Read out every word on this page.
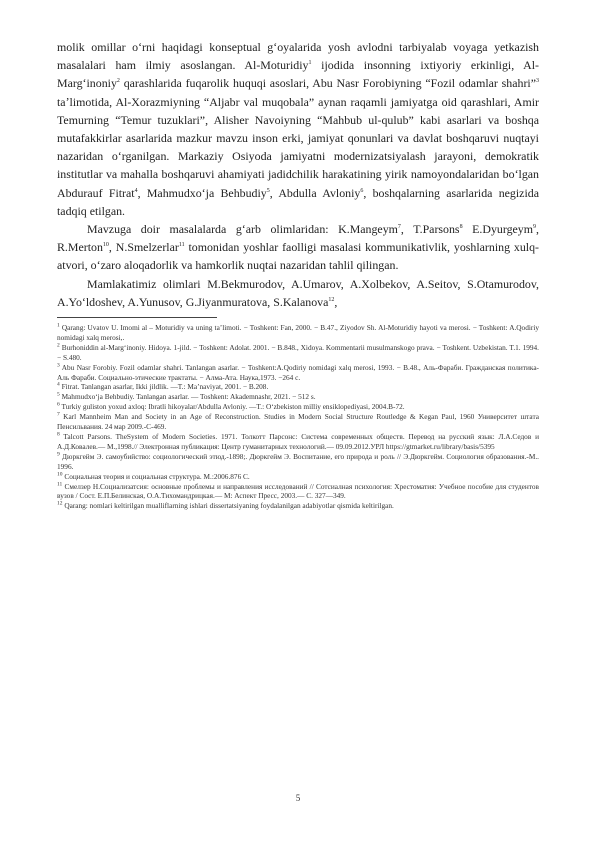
molik omillar oʻrni haqidagi konseptual gʻoyalarida yosh avlodni tarbiyalab voyaga yetkazish masalalari ham ilmiy asoslangan. Al-Moturidiy$^1$ ijodida insonning ixtiyoriy erkinligi, Al-Margʻinoniy$^2$ qarashlarida fuqarolik huquqi asoslari, Abu Nasr Forobiyning “Fozil odamlar shahri”$^3$ taʼlimotida, Al-Xorazmiyning “Aljabr val muqobala” aynan raqamli jamiyatga oid qarashlari, Amir Temurning “Temur tuzuklari”, Alisher Navoiyning “Mahbub ul-qulub” kabi asarlari va boshqa mutafakkirlar asarlarida mazkur mavzu inson erki, jamiyat qonunlari va davlat boshqaruvi nuqtayi nazaridan oʻrganilgan. Markaziy Osiyoda jamiyatni modernizatsiyalash jarayoni, demokratik institutlar va mahalla boshqaruvi ahamiyati jadidchilik harakatining yirik namoyondalaridan boʻlgan Abdurauf Fitrat$^4$, Mahmudxoʻja Behbudiy$^5$, Abdulla Avloniy$^6$, boshqalarning asarlarida negizida tadqiq etilgan.

Mavzuga doir masalalarda gʻarb olimlaridan: K.Mangeym$^7$, T.Parsons$^8$ E.Dyurgeym$^9$, R.Merton$^{10}$, N.Smelzerlar$^{11}$ tomonidan yoshlar faolligi masalasi kommunikativlik, yoshlarning xulq-atvori, oʻzaro aloqadorlik va hamkorlik nuqtai nazaridan tahlil qilingan.

Mamlakatimiz olimlari M.Bekmurodov, A.Umarov, A.Xolbekov, A.Seitov, S.Otamurodov, A.Yoʻldoshev, A.Yunusov, G.Jiyanmuratova, S.Kalanova$^{12}$,

$^1$ Qarang: Uvatov U. Imomi al – Moturidiy va uning taʼlimoti. − Toshkent: Fan, 2000. − B.47., Ziyodov Sh. Al-Moturidiy hayoti va merosi. − Toshkent: A.Qodiriy nomidagi xalq merosi,.
$^2$ Burhoniddin al-Margʻinoniy. Hidoya. 1-jild. − Toshkent: Adolat. 2001. − B.848., Xidoya. Kommentarii musulmanskogo prava. − Toshkent. Uzbekistan. T.1. 1994. − S.480.
$^3$ Abu Nasr Forobiy. Fozil odamlar shahri. Tanlangan asarlar. − Toshkent:A.Qodiriy nomidagi xalq merosi, 1993. − B.48., Аль-Фараби. Гражданская политика- Аль Фараби. Социально-этические трактаты. − Алма-Ата. Наука,1973. −264 с.
$^4$ Fitrat. Tanlangan asarlar, Ikki jildlik. —T.: Maʼnaviyat, 2001. − B.208.
$^5$ Mahmudxoʻja Behbudiy. Tanlangan asarlar. — Toshkent: Akademnashr, 2021. − 512 s.
$^6$ Turkiy guliston yoxud axloq: Ibratli hikoyalar/Abdulla Avloniy. —T.: Oʻzbekiston milliy ensiklopediyasi, 2004.B-72.
$^7$ Karl Mannheim Man and Society in an Age of Reconstruction. Studies in Modern Social Structure Routledge & Kegan Paul, 1960 Университет штата Пенсильвания. 24 мар 2009.-С-469.
$^8$ Talcott Parsons. TheSystem of Modern Societies. 1971. Толкотт Парсонс: Система современных обществ. Перевод на русский язык: Л.А.Седов и А.Д.Ковалев.— М.,1998.// Электронная публикация: Центр гуманитарных технологий.— 09.09.2012.УРЛ https://gtmarket.ru/library/basis/5395
$^9$ Дюркгейм Э. самоубийство: социологический этюд.-1898;. Дюркгейм Э. Воспитание, его природа и роль // Э.Дюркгейм. Социология образования.-М.. 1996.
$^{10}$ Социальная теория и социальная структура. М.:2006.876 С.
$^{11}$ Смелзер Н.Социализатсия: основные проблемы и направления исследований // Сотсиалная психология: Хрестоматия: Учебное пособие для студентов вузов / Сост. Е.П.Белинская, О.А.Тихомандрицкая.— М: Аспект Пресс, 2003.— С. 327—349.
$^{12}$ Qarang: nomlari keltirilgan mualliflarning ishlari dissertatsiyaning foydalanilgan adabiyotlar qismida keltirilgan.
5
